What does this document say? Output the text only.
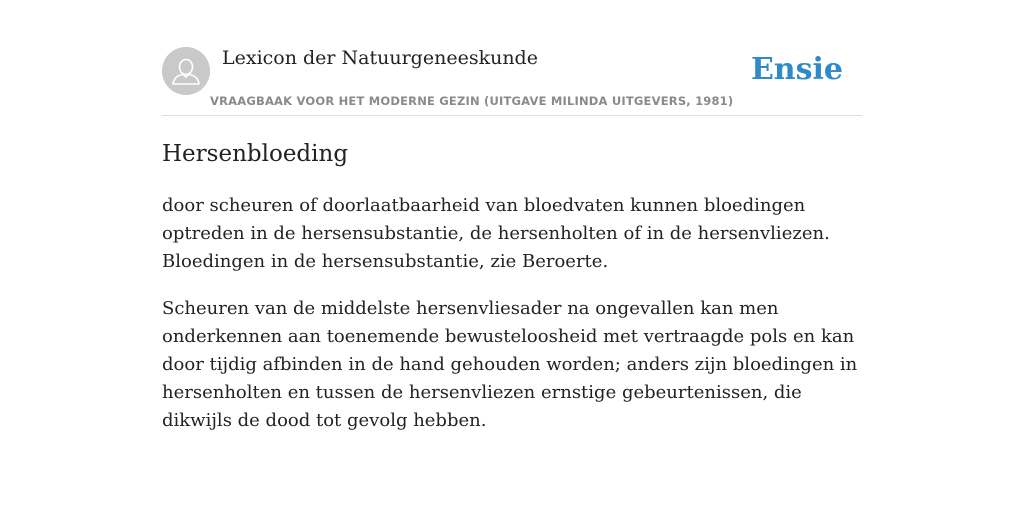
Lexicon der Natuurgeneeskunde
VRAAGBAAK VOOR HET MODERNE GEZIN (UITGAVE MILINDA UITGEVERS, 1981)
Ensie
Hersenbloeding

door scheuren of doorlaatbaarheid van bloedvaten kunnen bloedingen optreden in de hersensubstantie, de hersenholten of in de hersenvliezen. Bloedingen in de hersensubstantie, zie Beroerte.

Scheuren van de middelste hersenvliesader na ongevallen kan men onderkennen aan toenemende bewusteloosheid met vertraagde pols en kan door tijdig afbinden in de hand gehouden worden; anders zijn bloedingen in hersenholten en tussen de hersenvliezen ernstige gebeurtenissen, die dikwijls de dood tot gevolg hebben.
